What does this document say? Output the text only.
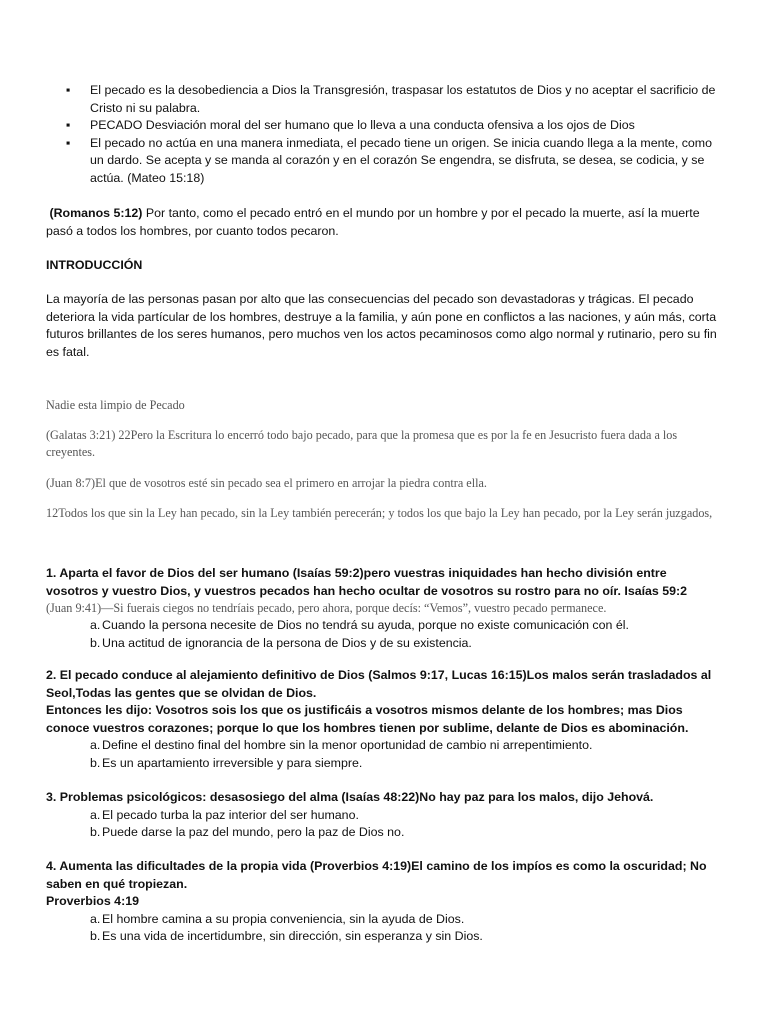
▪ El pecado es la desobediencia a Dios la Transgresión, traspasar los estatutos de Dios y no aceptar el sacrificio de Cristo ni su palabra.
▪ PECADO Desviación moral del ser humano que lo lleva a una conducta ofensiva a los ojos de Dios
▪ El pecado no actúa en una manera inmediata, el pecado tiene un origen. Se inicia cuando llega a la mente, como un dardo. Se acepta y se manda al corazón y en el corazón Se engendra, se disfruta, se desea, se codicia, y se actúa. (Mateo 15:18)
(Romanos 5:12) Por tanto, como el pecado entró en el mundo por un hombre y por el pecado la muerte, así la muerte pasó a todos los hombres, por cuanto todos pecaron.
INTRODUCCIÓN
La mayoría de las personas pasan por alto que las consecuencias del pecado son devastadoras y trágicas. El pecado deteriora la vida partícular de los hombres, destruye a la familia, y aún pone en conflictos a las naciones, y aún más, corta futuros brillantes de los seres humanos, pero muchos ven los actos pecaminosos como algo normal y rutinario, pero su fin es fatal.
Nadie esta limpio de Pecado
(Galatas 3:21) 22Pero la Escritura lo encerró todo bajo pecado, para que la promesa que es por la fe en Jesucristo fuera dada a los creyentes.
(Juan 8:7)El que de vosotros esté sin pecado sea el primero en arrojar la piedra contra ella.
12Todos los que sin la Ley han pecado, sin la Ley también perecerán; y todos los que bajo la Ley han pecado, por la Ley serán juzgados,
1. Aparta el favor de Dios del ser humano (Isaías 59:2)pero vuestras iniquidades han hecho división entre vosotros y vuestro Dios, y vuestros pecados han hecho ocultar de vosotros su rostro para no oír. Isaías 59:2
(Juan 9:41)—Si fuerais ciegos no tendríais pecado, pero ahora, porque decís: “Vemos”, vuestro pecado permanece.
a. Cuando la persona necesite de Dios no tendrá su ayuda, porque no existe comunicación con él.
b. Una actitud de ignorancia de la persona de Dios y de su existencia.
2. El pecado conduce al alejamiento definitivo de Dios (Salmos 9:17, Lucas 16:15)Los malos serán trasladados al Seol,Todas las gentes que se olvidan de Dios.
Entonces les dijo: Vosotros sois los que os justificáis a vosotros mismos delante de los hombres; mas Dios conoce vuestros corazones; porque lo que los hombres tienen por sublime, delante de Dios es abominación.
a. Define el destino final del hombre sin la menor oportunidad de cambio ni arrepentimiento.
b. Es un apartamiento irreversible y para siempre.
3. Problemas psicológicos: desasosiego del alma (Isaías 48:22)No hay paz para los malos, dijo Jehová.
a. El pecado turba la paz interior del ser humano.
b. Puede darse la paz del mundo, pero la paz de Dios no.
4. Aumenta las dificultades de la propia vida (Proverbios 4:19)El camino de los impíos es como la oscuridad; No saben en qué tropiezan.
Proverbios 4:19
a. El hombre camina a su propia conveniencia, sin la ayuda de Dios.
b. Es una vida de incertidumbre, sin dirección, sin esperanza y sin Dios.
